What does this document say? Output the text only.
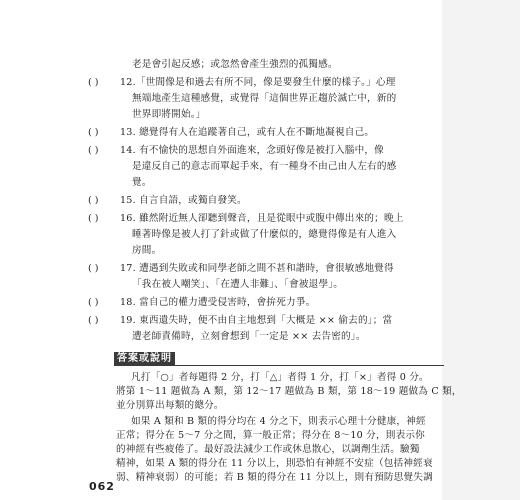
老是會引起反感；或忽然會產生強烈的孤獨感。
( ) 12.「世間像是和過去有所不同，像是要發生什麼的樣子。」心理
無端地產生這種感覺，或覺得「這個世界正趨於滅亡中，新的
世界即將開始。」
( ) 13. 總覺得有人在追蹤著自己，或有人在不斷地凝視自己。
( ) 14. 有不愉快的思想自外面進來，念頭好像是被打入腦中，像
是違反自己的意志而單起手來，有一種身不由己由人左右的感
覺。
( ) 15. 自言自語，或獨自發笑。
( ) 16. 雖然附近無人卻聽到聲音，且是從眼中或腹中傳出來的；晚上
睡著時像是被人打了針或做了什麼似的，總覺得像是有人進入
房間。
( ) 17. 遭遇到失敗或和同學老師之間不甚和諧時，會很敏感地覺得
「我在被人嘲笑」、「在遭人非難」、「會被退學」。
( ) 18. 當自己的權力遭受侵害時，會拚死力爭。
( ) 19. 東西遺失時，便不由自主地想到「大概是 ×× 偷去的」；當
遭老師責備時，立刻會想到「一定是 ×× 去告密的」。
答案或說明
凡打「○」者每題得 2 分，打「△」者得 1 分，打「×」者得 0 分。
將第 1～11 題做為 A 類，第 12～17 題做為 B 類，第 18～19 題做為 C 類，
並分別算出每類的總分。
如果 A 類和 B 類的得分均在 4 分之下，則表示心理十分健康，神經
正常；得分在 5～7 分之間，算一般正常；得分在 8～10 分，則表示你
的神經有些疲倦了。最好設法減少工作或休息散心，以調劑生活。驗獨
精神，如果 A 類的得分在 11 分以上，則恐怕有神經不安症（包括神經衰
弱、精神衰弱）的可能；若 B 類的得分在 11 分以上，則有預防思覺失調
062
